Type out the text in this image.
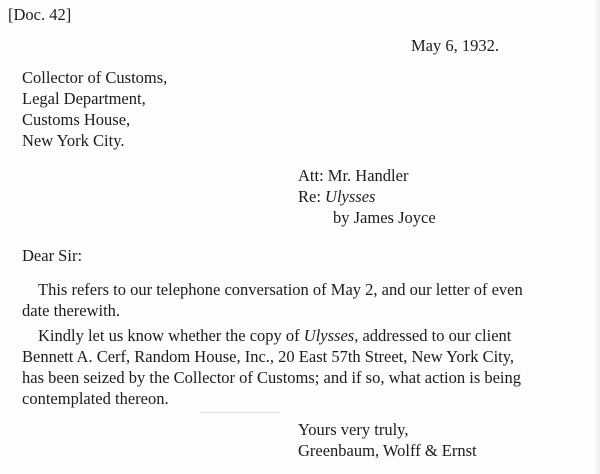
[Doc. 42]
May 6, 1932.
Collector of Customs,
Legal Department,
Customs House,
New York City.
Att: Mr. Handler
Re: Ulysses
by James Joyce
Dear Sir:
This refers to our telephone conversation of May 2, and our letter of even
date therewith.
Kindly let us know whether the copy of Ulysses, addressed to our client
Bennett A. Cerf, Random House, Inc., 20 East 57th Street, New York City,
has been seized by the Collector of Customs; and if so, what action is being
contemplated thereon.
Yours very truly,
Greenbaum, Wolff & Ernst
